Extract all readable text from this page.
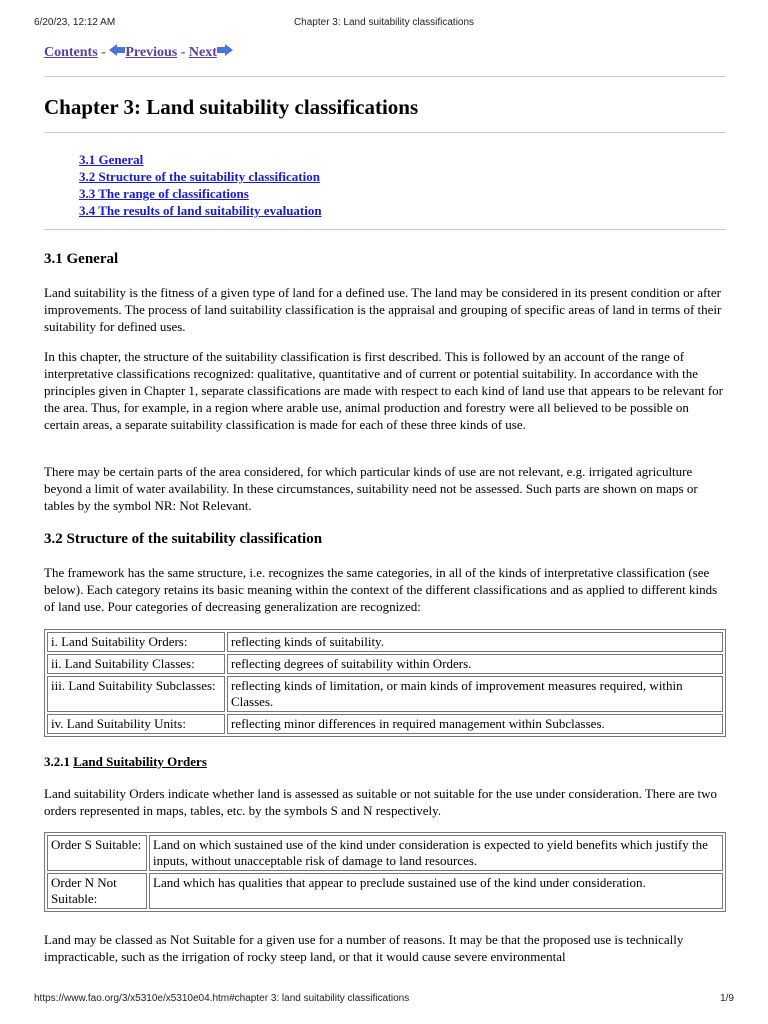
6/20/23, 12:12 AM	Chapter 3: Land suitability classifications
Contents - Previous - Next
Chapter 3: Land suitability classifications
3.1 General
3.2 Structure of the suitability classification
3.3 The range of classifications
3.4 The results of land suitability evaluation
3.1 General

Land suitability is the fitness of a given type of land for a defined use. The land may be considered in its present condition or after improvements. The process of land suitability classification is the appraisal and grouping of specific areas of land in terms of their suitability for defined uses.

In this chapter, the structure of the suitability classification is first described. This is followed by an account of the range of interpretative classifications recognized: qualitative, quantitative and of current or potential suitability. In accordance with the principles given in Chapter 1, separate classifications are made with respect to each kind of land use that appears to be relevant for the area. Thus, for example, in a region where arable use, animal production and forestry were all believed to be possible on certain areas, a separate suitability classification is made for each of these three kinds of use.

There may be certain parts of the area considered, for which particular kinds of use are not relevant, e.g. irrigated agriculture beyond a limit of water availability. In these circumstances, suitability need not be assessed. Such parts are shown on maps or tables by the symbol NR: Not Relevant.

3.2 Structure of the suitability classification

The framework has the same structure, i.e. recognizes the same categories, in all of the kinds of interpretative classification (see below). Each category retains its basic meaning within the context of the different classifications and as applied to different kinds of land use. Pour categories of decreasing generalization are recognized:

i. Land Suitability Orders:	reflecting kinds of suitability.
ii. Land Suitability Classes:	reflecting degrees of suitability within Orders.
iii. Land Suitability Subclasses:	reflecting kinds of limitation, or main kinds of improvement measures required, within Classes.
iv. Land Suitability Units:	reflecting minor differences in required management within Subclasses.
3.2.1 Land Suitability Orders

Land suitability Orders indicate whether land is assessed as suitable or not suitable for the use under consideration. There are two orders represented in maps, tables, etc. by the symbols S and N respectively.

Order S Suitable:	Land on which sustained use of the kind under consideration is expected to yield benefits which justify the inputs, without unacceptable risk of damage to land resources.
Order N Not Suitable:	Land which has qualities that appear to preclude sustained use of the kind under consideration.

Land may be classed as Not Suitable for a given use for a number of reasons. It may be that the proposed use is technically impracticable, such as the irrigation of rocky steep land, or that it would cause severe environmental

https://www.fao.org/3/x5310e/x5310e04.htm#chapter 3: land suitability classifications	1/9
